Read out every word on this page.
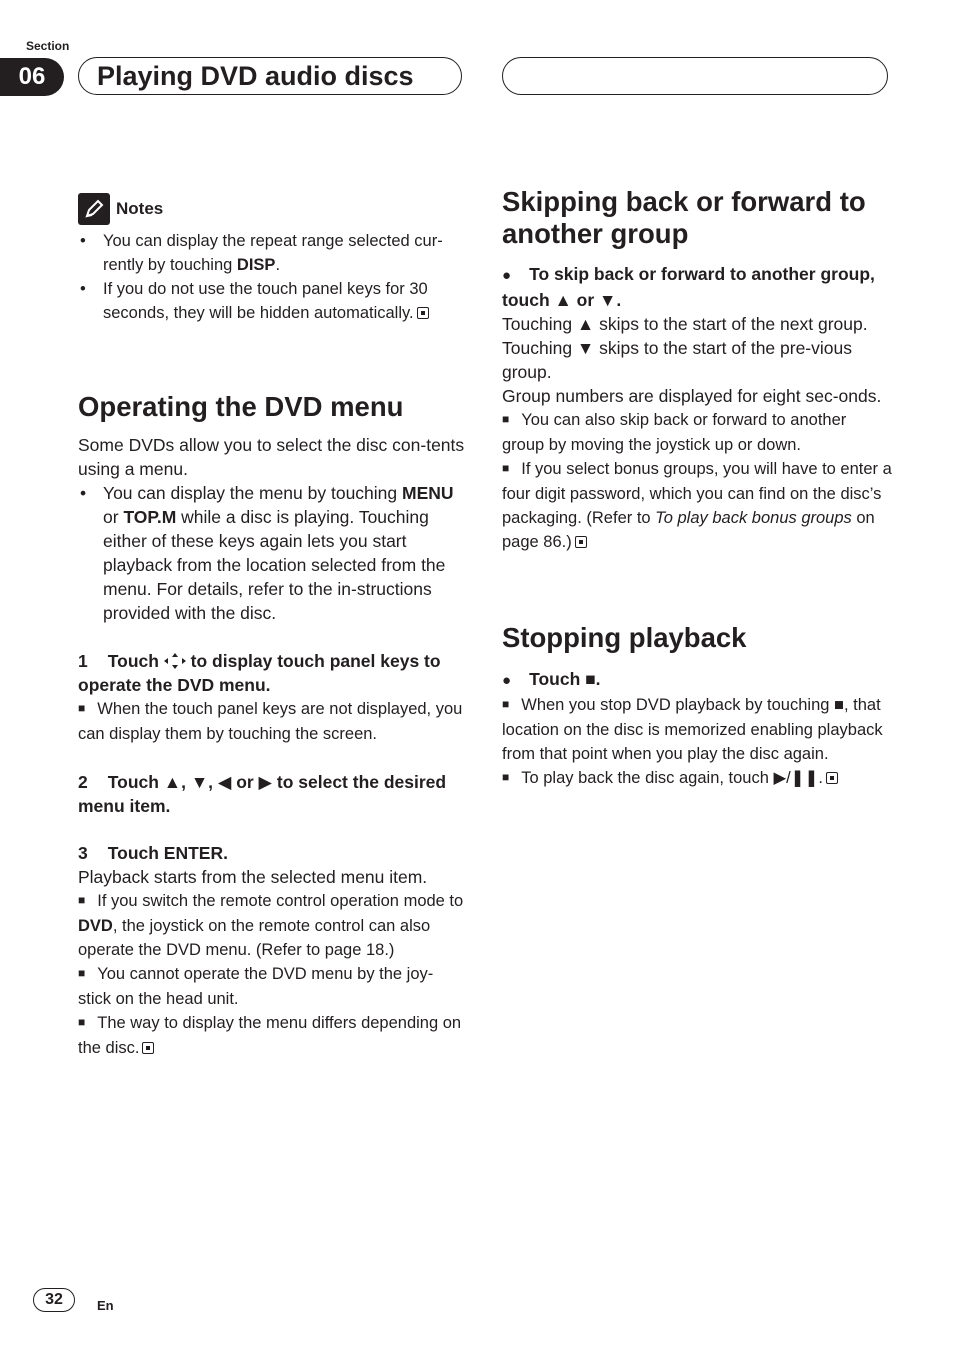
Section
06	Playing DVD audio discs
Notes
• You can display the repeat range selected cur-rently by touching DISP.
• If you do not use the touch panel keys for 30 seconds, they will be hidden automatically.
Operating the DVD menu
Some DVDs allow you to select the disc con-tents using a menu.
• You can display the menu by touching MENU or TOP.M while a disc is playing. Touching either of these keys again lets you start playback from the location selected from the menu. For details, refer to the in-structions provided with the disc.
1 Touch  to display touch panel keys to operate the DVD menu.
■ When the touch panel keys are not displayed, you can display them by touching the screen.
2 Touch ▲, ▼, ◀ or ▶ to select the desired menu item.
3 Touch ENTER.
Playback starts from the selected menu item.
■ If you switch the remote control operation mode to DVD, the joystick on the remote control can also operate the DVD menu. (Refer to page 18.)
■ You cannot operate the DVD menu by the joy-stick on the head unit.
■ The way to display the menu differs depending on the disc.
Skipping back or forward to another group
● To skip back or forward to another group, touch ▲ or ▼.
Touching ▲ skips to the start of the next group. Touching ▼ skips to the start of the pre-vious group.
Group numbers are displayed for eight sec-onds.
■ You can also skip back or forward to another group by moving the joystick up or down.
■ If you select bonus groups, you will have to enter a four digit password, which you can find on the disc’s packaging. (Refer to To play back bonus groups on page 86.)
Stopping playback
● Touch ■.
■ When you stop DVD playback by touching ■, that location on the disc is memorized enabling playback from that point when you play the disc again.
■ To play back the disc again, touch ▶/❚❚.
32	En
